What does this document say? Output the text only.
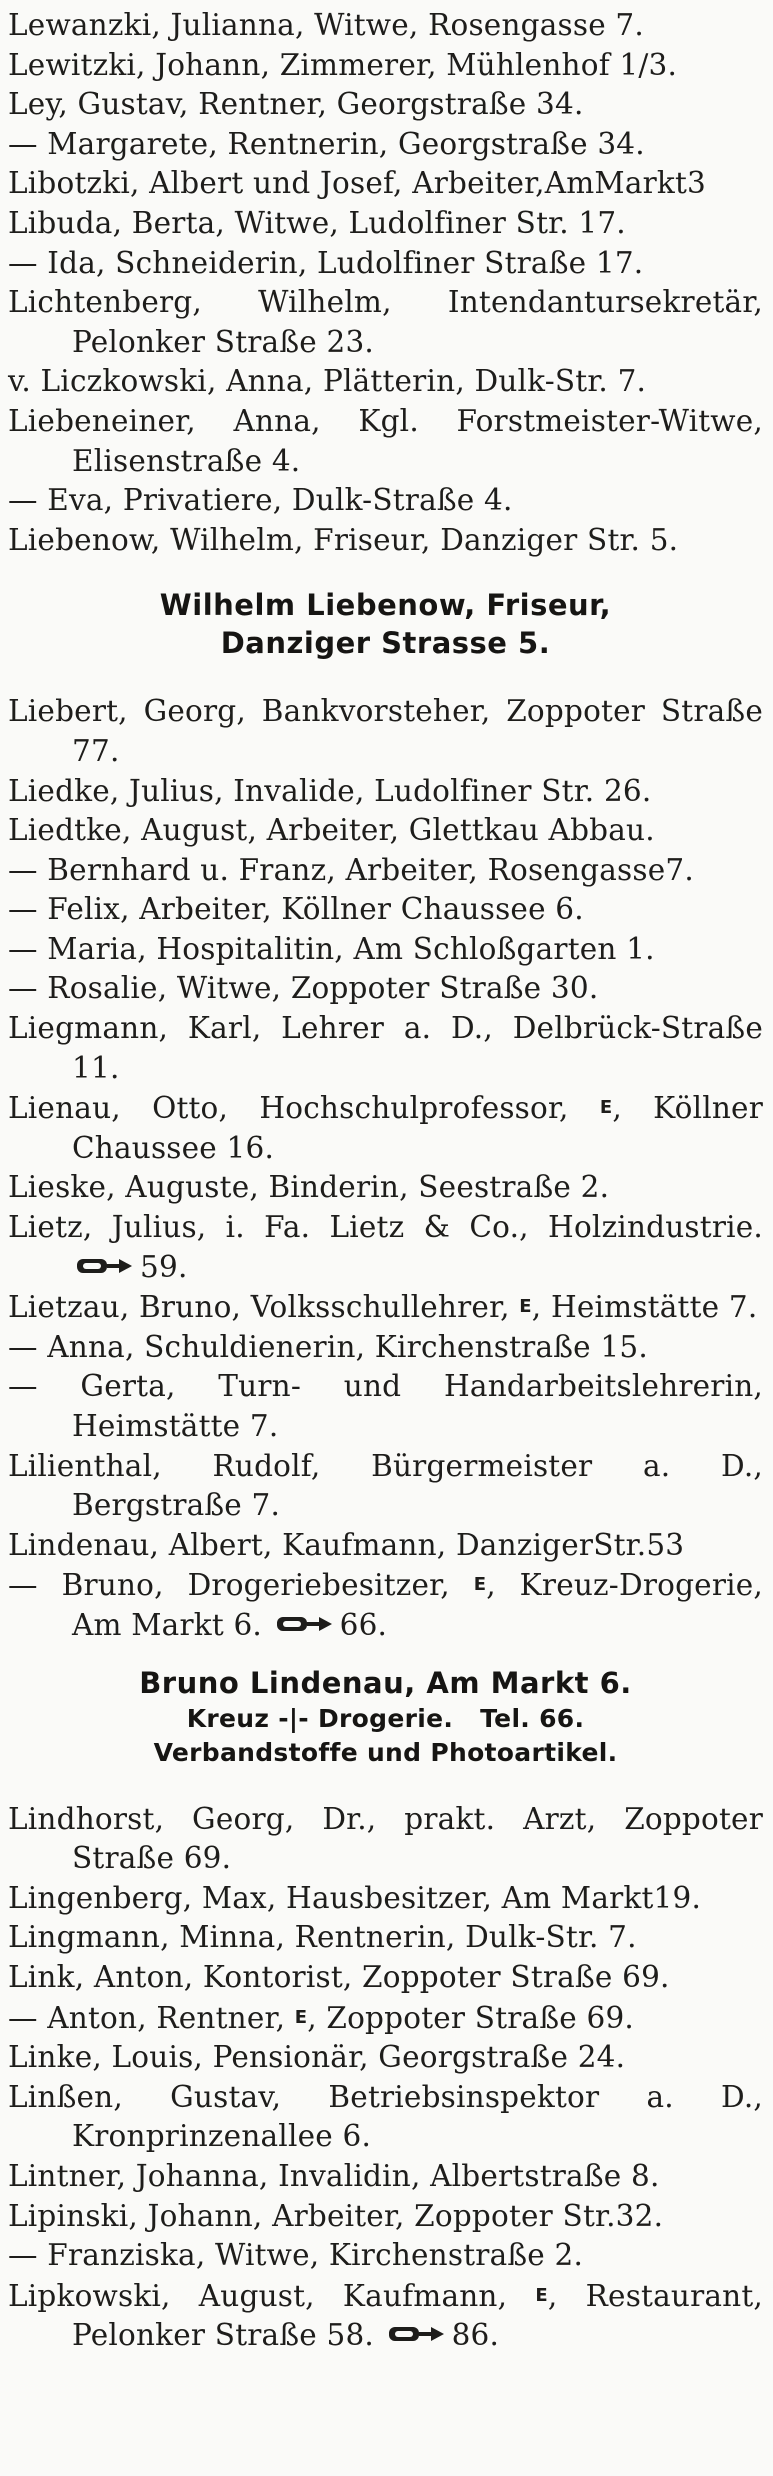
Lewanzki, Julianna, Witwe, Rosengasse 7.
Lewitzki, Johann, Zimmerer, Mühlenhof 1/3.
Ley, Gustav, Rentner, Georgstraße 34.
— Margarete, Rentnerin, Georgstraße 34.
Libotzki, Albert und Josef, Arbeiter,AmMarkt3
Libuda, Berta, Witwe, Ludolfiner Str. 17.
— Ida, Schneiderin, Ludolfiner Straße 17.
Lichtenberg, Wilhelm, Intendantursekretär, Pelonker Straße 23.
v. Liczkowski, Anna, Plätterin, Dulk-Str. 7.
Liebeneiner, Anna, Kgl. Forstmeister-Witwe, Elisenstraße 4.
— Eva, Privatiere, Dulk-Straße 4.
Liebenow, Wilhelm, Friseur, Danziger Str. 5.
Wilhelm Liebenow, Friseur,
Danziger Strasse 5.
Liebert, Georg, Bankvorsteher, Zoppoter Straße 77.
Liedke, Julius, Invalide, Ludolfiner Str. 26.
Liedtke, August, Arbeiter, Glettkau Abbau.
— Bernhard u. Franz, Arbeiter, Rosengasse7.
— Felix, Arbeiter, Köllner Chaussee 6.
— Maria, Hospitalitin, Am Schloßgarten 1.
— Rosalie, Witwe, Zoppoter Straße 30.
Liegmann, Karl, Lehrer a. D., Delbrück-Straße 11.
Lienau, Otto, Hochschulprofessor, E, Köllner Chaussee 16.
Lieske, Auguste, Binderin, Seestraße 2.
Lietz, Julius, i. Fa. Lietz & Co., Holzindustrie.
59.
Lietzau, Bruno, Volksschullehrer, E, Heimstätte 7.
— Anna, Schuldienerin, Kirchenstraße 15.
— Gerta, Turn- und Handarbeitslehrerin, Heimstätte 7.
Lilienthal, Rudolf, Bürgermeister a. D., Bergstraße 7.
Lindenau, Albert, Kaufmann, DanzigerStr.53
— Bruno, Drogeriebesitzer, E, Kreuz-Drogerie, Am Markt 6.	66.
Bruno Lindenau, Am Markt 6.
Kreuz -|- Drogerie.   Tel. 66.
Verbandstoffe und Photoartikel.
Lindhorst, Georg, Dr., prakt. Arzt, Zoppoter Straße 69.
Lingenberg, Max, Hausbesitzer, Am Markt19.
Lingmann, Minna, Rentnerin, Dulk-Str. 7.
Link, Anton, Kontorist, Zoppoter Straße 69.
— Anton, Rentner, E, Zoppoter Straße 69.
Linke, Louis, Pensionär, Georgstraße 24.
Linßen, Gustav, Betriebsinspektor a. D., Kronprinzenallee 6.
Lintner, Johanna, Invalidin, Albertstraße 8.
Lipinski, Johann, Arbeiter, Zoppoter Str.32.
— Franziska, Witwe, Kirchenstraße 2.
Lipkowski, August, Kaufmann, E, Restaurant, Pelonker Straße 58.	86.
